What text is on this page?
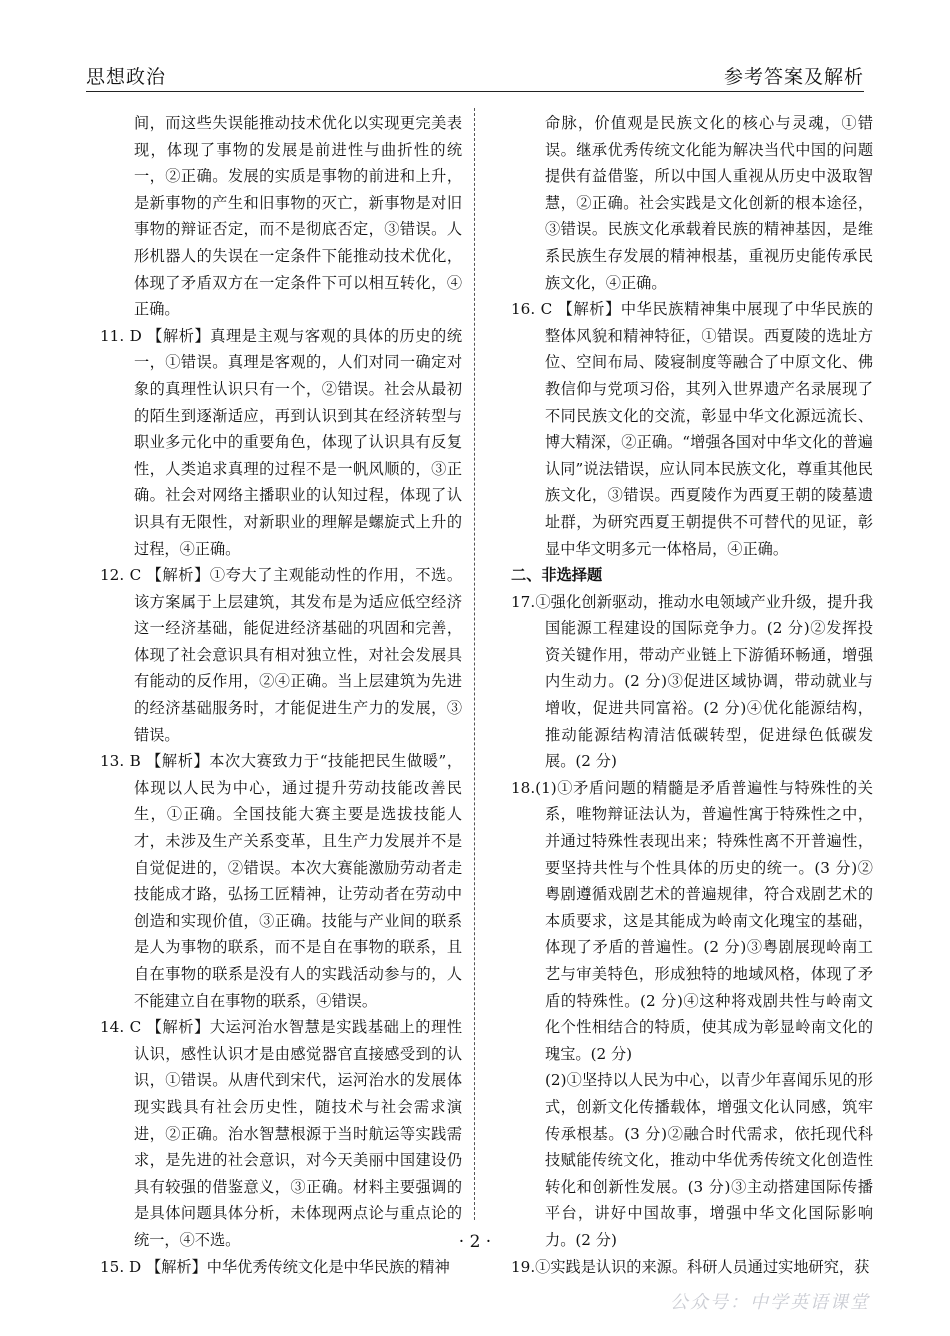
思想政治	参考答案及解析

间，而这些失误能推动技术优化以实现更完美表现，体现了事物的发展是前进性与曲折性的统一，②正确。发展的实质是事物的前进和上升，是新事物的产生和旧事物的灭亡，新事物是对旧事物的辩证否定，而不是彻底否定，③错误。人形机器人的失误在一定条件下能推动技术优化，体现了矛盾双方在一定条件下可以相互转化，④正确。

11. D 【解析】真理是主观与客观的具体的历史的统一，①错误。真理是客观的，人们对同一确定对象的真理性认识只有一个，②错误。社会从最初的陌生到逐渐适应，再到认识到其在经济转型与职业多元化中的重要角色，体现了认识具有反复性，人类追求真理的过程不是一帆风顺的，③正确。社会对网络主播职业的认知过程，体现了认识具有无限性，对新职业的理解是螺旋式上升的过程，④正确。

12. C 【解析】①夸大了主观能动性的作用，不选。该方案属于上层建筑，其发布是为适应低空经济这一经济基础，能促进经济基础的巩固和完善，体现了社会意识具有相对独立性，对社会发展具有能动的反作用，②④正确。当上层建筑为先进的经济基础服务时，才能促进生产力的发展，③错误。

13. B 【解析】本次大赛致力于“技能把民生做暖”，体现以人民为中心，通过提升劳动技能改善民生，①正确。全国技能大赛主要是选拔技能人才，未涉及生产关系变革，且生产力发展并不是自觉促进的，②错误。本次大赛能激励劳动者走技能成才路，弘扬工匠精神，让劳动者在劳动中创造和实现价值，③正确。技能与产业间的联系是人为事物的联系，而不是自在事物的联系，且自在事物的联系是没有人的实践活动参与的，人不能建立自在事物的联系，④错误。

14. C 【解析】大运河治水智慧是实践基础上的理性认识，感性认识才是由感觉器官直接感受到的认识，①错误。从唐代到宋代，运河治水的发展体现实践具有社会历史性，随技术与社会需求演进，②正确。治水智慧根源于当时航运等实践需求，是先进的社会意识，对今天美丽中国建设仍具有较强的借鉴意义，③正确。材料主要强调的是具体问题具体分析，未体现两点论与重点论的统一，④不选。

15. D 【解析】中华优秀传统文化是中华民族的精神

命脉，价值观是民族文化的核心与灵魂，①错误。继承优秀传统文化能为解决当代中国的问题提供有益借鉴，所以中国人重视从历史中汲取智慧，②正确。社会实践是文化创新的根本途径，③错误。民族文化承载着民族的精神基因，是维系民族生存发展的精神根基，重视历史能传承民族文化，④正确。

16. C 【解析】中华民族精神集中展现了中华民族的整体风貌和精神特征，①错误。西夏陵的选址方位、空间布局、陵寝制度等融合了中原文化、佛教信仰与党项习俗，其列入世界遗产名录展现了不同民族文化的交流，彰显中华文化源远流长、博大精深，②正确。“增强各国对中华文化的普遍认同”说法错误，应认同本民族文化，尊重其他民族文化，③错误。西夏陵作为西夏王朝的陵墓遗址群，为研究西夏王朝提供不可替代的见证，彰显中华文明多元一体格局，④正确。

二、非选择题

17.①强化创新驱动，推动水电领域产业升级，提升我国能源工程建设的国际竞争力。(2 分)②发挥投资关键作用，带动产业链上下游循环畅通，增强内生动力。(2 分)③促进区域协调，带动就业与增收，促进共同富裕。(2 分)④优化能源结构，推动能源结构清洁低碳转型，促进绿色低碳发展。(2 分)

18.(1)①矛盾问题的精髓是矛盾普遍性与特殊性的关系，唯物辩证法认为，普遍性寓于特殊性之中，并通过特殊性表现出来；特殊性离不开普遍性，要坚持共性与个性具体的历史的统一。(3 分)②粤剧遵循戏剧艺术的普遍规律，符合戏剧艺术的本质要求，这是其能成为岭南文化瑰宝的基础，体现了矛盾的普遍性。(2 分)③粤剧展现岭南工艺与审美特色，形成独特的地域风格，体现了矛盾的特殊性。(2 分)④这种将戏剧共性与岭南文化个性相结合的特质，使其成为彰显岭南文化的瑰宝。(2 分)

(2)①坚持以人民为中心，以青少年喜闻乐见的形式，创新文化传播载体，增强文化认同感，筑牢传承根基。(3 分)②融合时代需求，依托现代科技赋能传统文化，推动中华优秀传统文化创造性转化和创新性发展。(3 分)③主动搭建国际传播平台，讲好中国故事，增强中华文化国际影响力。(2 分)

19.①实践是认识的来源。科研人员通过实地研究，获

· 2 ·
公众号：中学英语课堂
